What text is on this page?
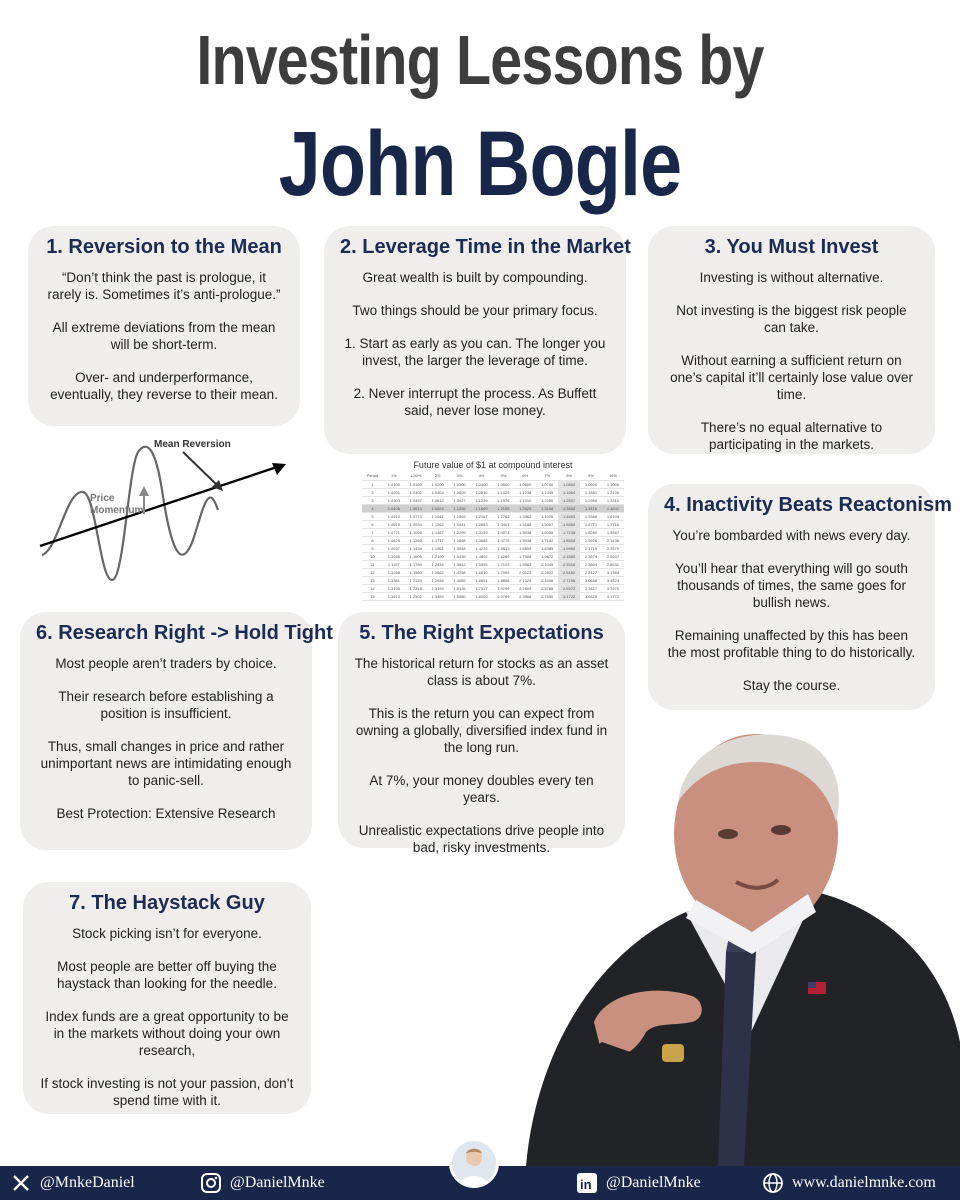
Investing Lessons by
John Bogle
1. Reversion to the Mean

“Don’t think the past is prologue, it rarely is. Sometimes it’s anti-prologue.”

All extreme deviations from the mean will be short-term.

Over- and underperformance, eventually, they reverse to their mean.

2. Leverage Time in the Market

Great wealth is built by compounding.

Two things should be your primary focus.

1. Start as early as you can. The longer you invest, the larger the leverage of time.

2. Never interrupt the process. As Buffett said, never lose money.

3. You Must Invest

Investing is without alternative.

Not investing is the biggest risk people can take.

Without earning a sufficient return on one’s capital it’ll certainly lose value over time.

There’s no equal alternative to participating in the markets.

4. Inactivity Beats Reactonism

You’re bombarded with news every day.

You’ll hear that everything will go south thousands of times, the same goes for bullish news.

Remaining unaffected by this has been the most profitable thing to do historically.

Stay the course.

5. The Right Expectations

The historical return for stocks as an asset class is about 7%.

This is the return you can expect from owning a globally, diversified index fund in the long run.

At 7%, your money doubles every ten years.

Unrealistic expectations drive people into bad, risky investments.

6. Research Right -> Hold Tight

Most people aren’t traders by choice.

Their research before establishing a position is insufficient.

Thus, small changes in price and rather unimportant news are intimidating enough to panic-sell.

Best Protection: Extensive Research

7. The Haystack Guy

Stock picking isn’t for everyone.

Most people are better off buying the haystack than looking for the needle.

Index funds are a great opportunity to be in the markets without doing your own research,

If stock investing is not your passion, don’t spend time with it.

Mean Reversion
Price
Momentum
Future value of $1 at compound interest
Period	1%	1.50%	2%	3%	4%	5%	6%	7%	8%	9%	10%
1	1.0100	1.0150	1.0200	1.0300	1.0400	1.0500	1.0600	1.0700	1.0800	1.0900	1.1000
2	1.0201	1.0302	1.0404	1.0609	1.0816	1.1025	1.1236	1.1449	1.1664	1.1881	1.2100
3	1.0303	1.0457	1.0612	1.0927	1.1249	1.1576	1.1910	1.2250	1.2597	1.2950	1.3310
4	1.0406	1.0614	1.0824	1.1255	1.1699	1.2155	1.2625	1.3108	1.3605	1.4116	1.4641
5	1.0510	1.0773	1.1041	1.1593	1.2167	1.2763	1.3382	1.4026	1.4693	1.5386	1.6105
6	1.0615	1.0934	1.1262	1.1941	1.2653	1.3401	1.4185	1.5007	1.5869	1.6771	1.7716
7	1.0721	1.1098	1.1487	1.2299	1.3159	1.4071	1.5036	1.6058	1.7138	1.8280	1.9487
8	1.0829	1.1265	1.1717	1.2668	1.3686	1.4775	1.5938	1.7182	1.8509	1.9926	2.1436
9	1.0937	1.1434	1.1951	1.3048	1.4233	1.5513	1.6895	1.8385	1.9990	2.1719	2.3579
10	1.1046	1.1605	1.2190	1.3439	1.4802	1.6289	1.7908	1.9672	2.1589	2.3674	2.5937
11	1.1157	1.1780	1.2434	1.3842	1.5395	1.7103	1.8983	2.1049	2.3316	2.5804	2.8531
12	1.1268	1.1960	1.2682	1.4258	1.6010	1.7959	2.0122	2.2522	2.5182	2.8127	3.1384
13	1.1381	1.2133	1.2936	1.4685	1.6651	1.8856	2.1329	2.4098	2.7196	3.0658	3.4523
14	1.1495	1.2318	1.3195	1.5126	1.7317	1.9799	2.2609	2.5785	2.9372	3.3417	3.7975
15	1.1610	1.2502	1.3459	1.5580	1.8009	2.0789	2.3966	2.7590	3.1722	3.6425	4.1772
@MnkeDaniel	@DanielMnke	in @DanielMnke	www.danielmnke.com
